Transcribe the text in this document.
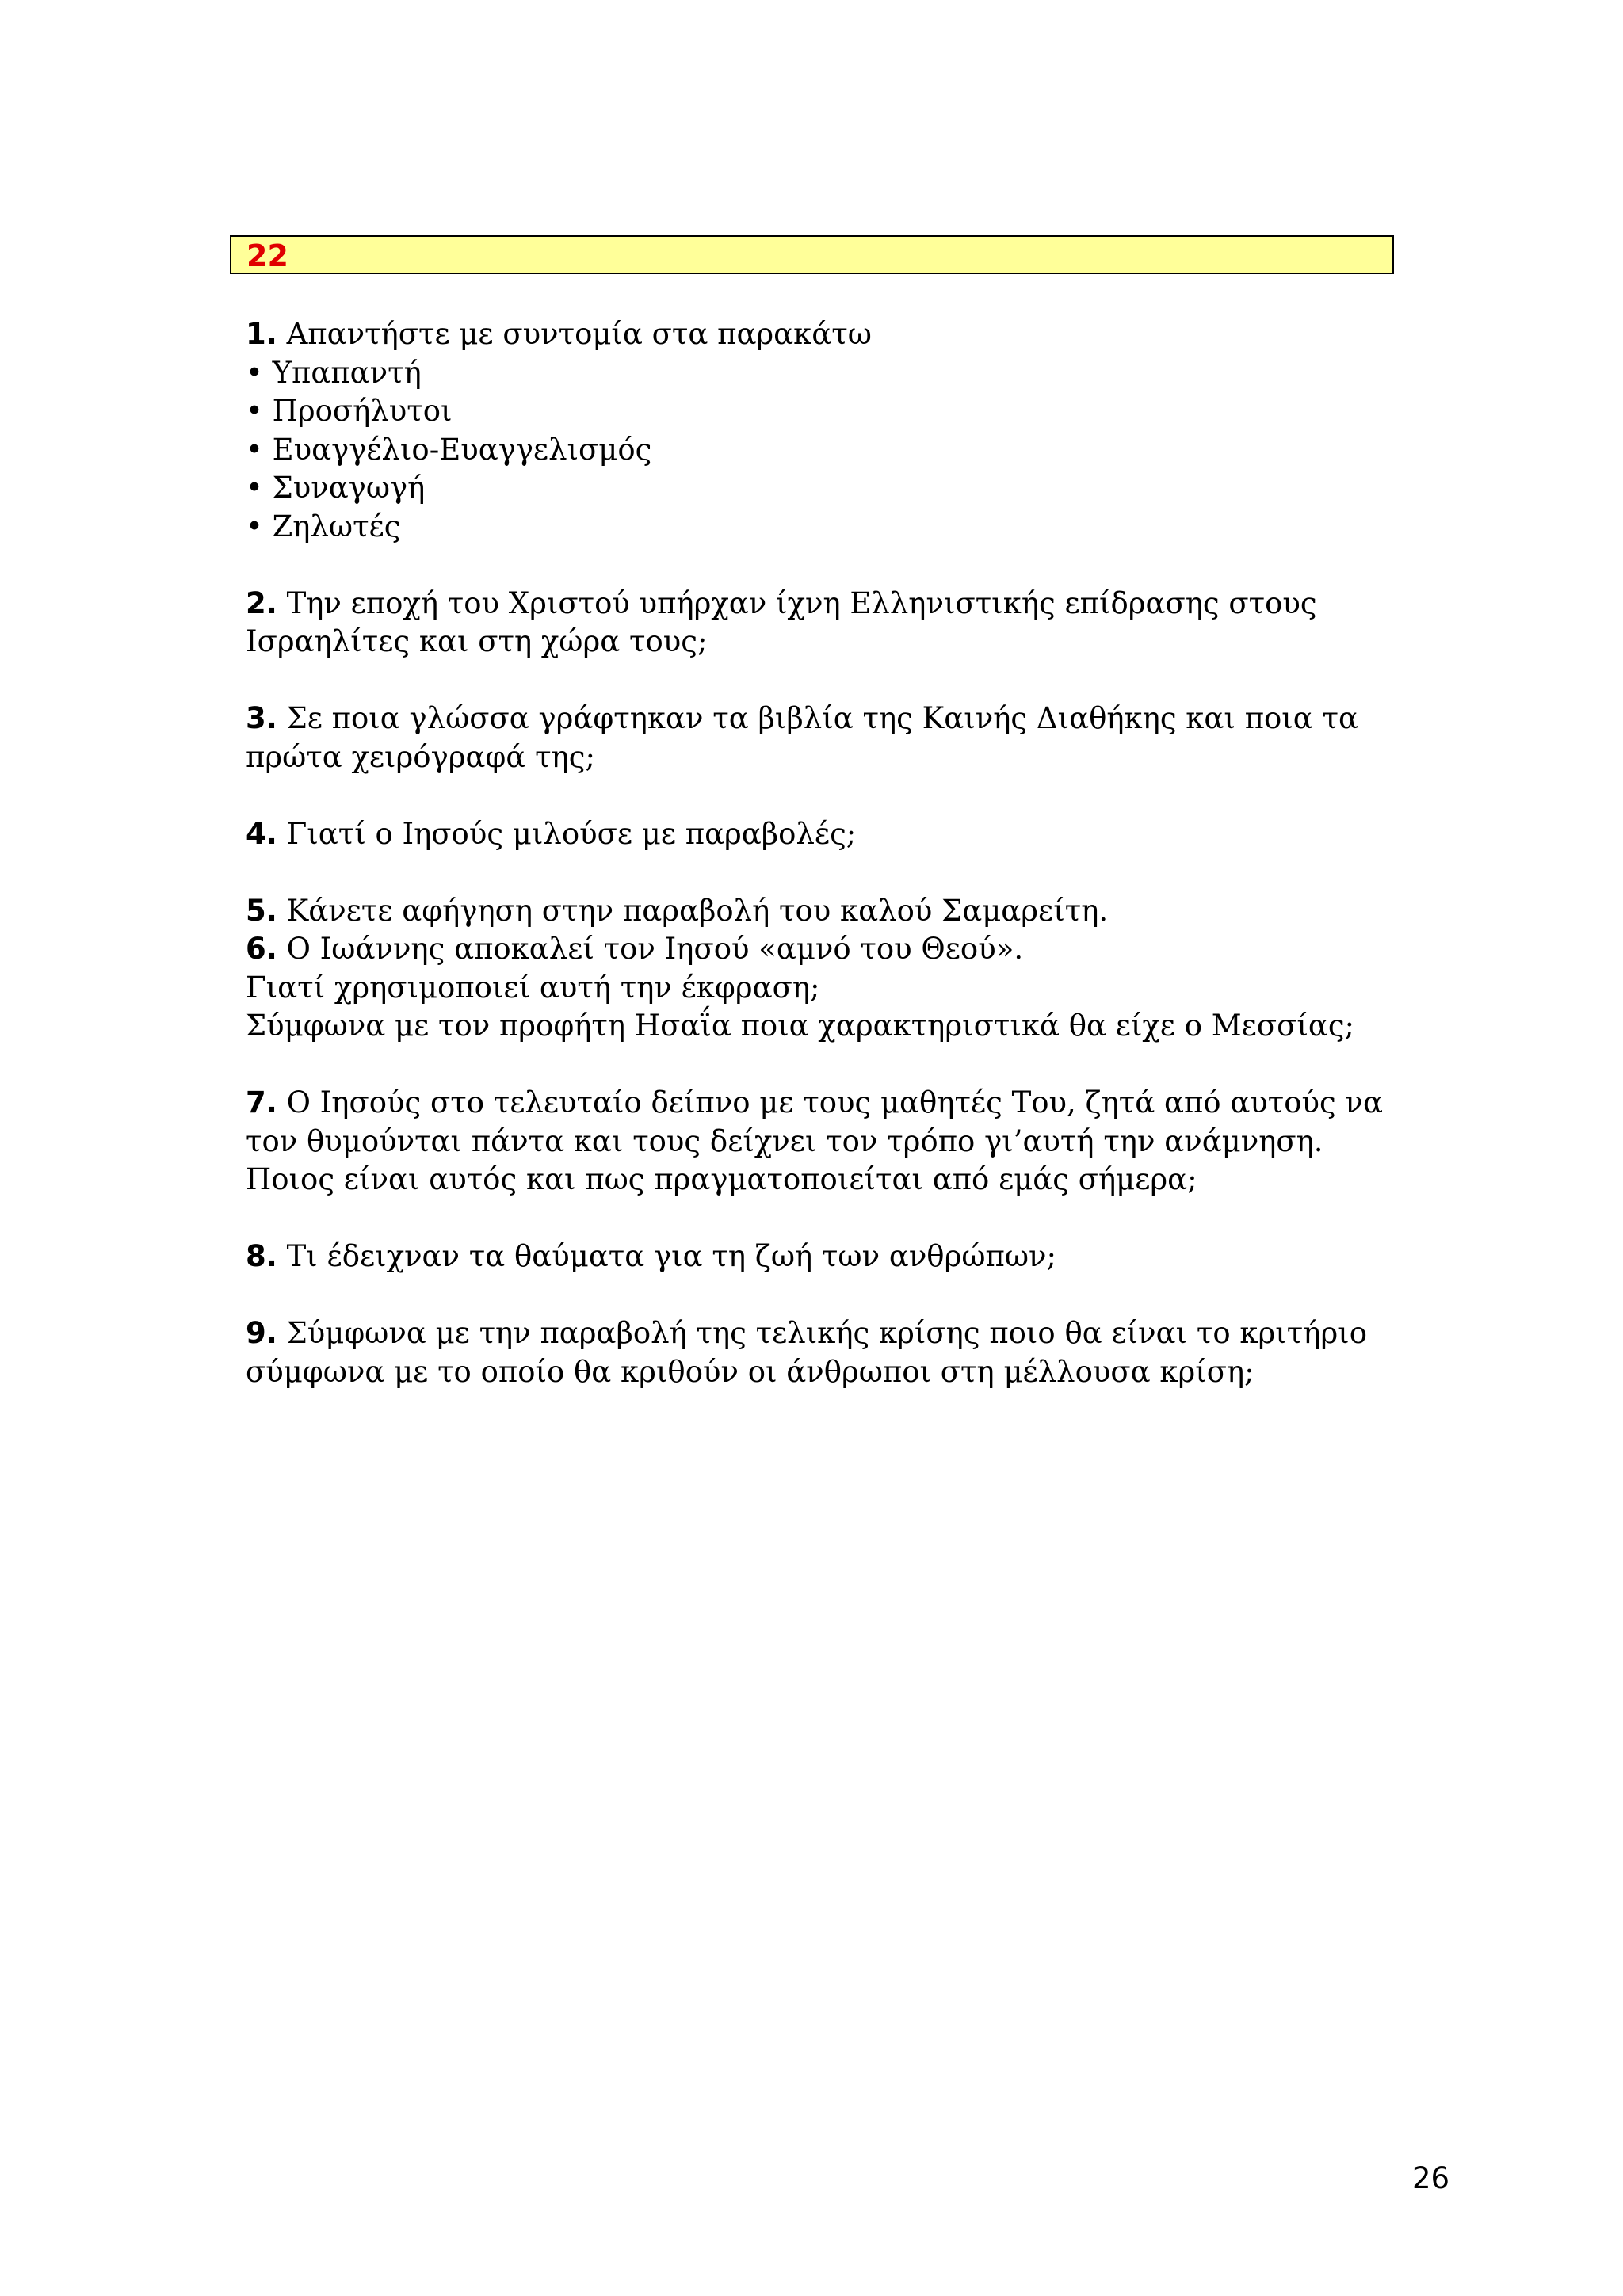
22
1. Απαντήστε με συντομία στα παρακάτω
• Υπαπαντή
• Προσήλυτοι
• Ευαγγέλιο-Ευαγγελισμός
• Συναγωγή
• Ζηλωτές
2. Την εποχή του Χριστού υπήρχαν ίχνη Ελληνιστικής επίδρασης στους
Ισραηλίτες και στη χώρα τους;
3. Σε ποια γλώσσα γράφτηκαν τα βιβλία της Καινής Διαθήκης και ποια τα
πρώτα χειρόγραφά της;
4. Γιατί ο Ιησούς μιλούσε με παραβολές;
5. Κάνετε αφήγηση στην παραβολή του καλού Σαμαρείτη.
6. Ο Ιωάννης αποκαλεί τον Ιησού «αμνό του Θεού».
Γιατί χρησιμοποιεί αυτή την έκφραση;
Σύμφωνα με τον προφήτη Ησαΐα ποια χαρακτηριστικά θα είχε ο Μεσσίας;
7. Ο Ιησούς στο τελευταίο δείπνο με τους μαθητές Του, ζητά από αυτούς να
τον θυμούνται πάντα και τους δείχνει τον τρόπο γι’αυτή την ανάμνηση.
Ποιος είναι αυτός και πως πραγματοποιείται από εμάς σήμερα;
8. Τι έδειχναν τα θαύματα για τη ζωή των ανθρώπων;
9. Σύμφωνα με την παραβολή της τελικής κρίσης ποιο θα είναι το κριτήριο
σύμφωνα με το οποίο θα κριθούν οι άνθρωποι στη μέλλουσα κρίση;
26
